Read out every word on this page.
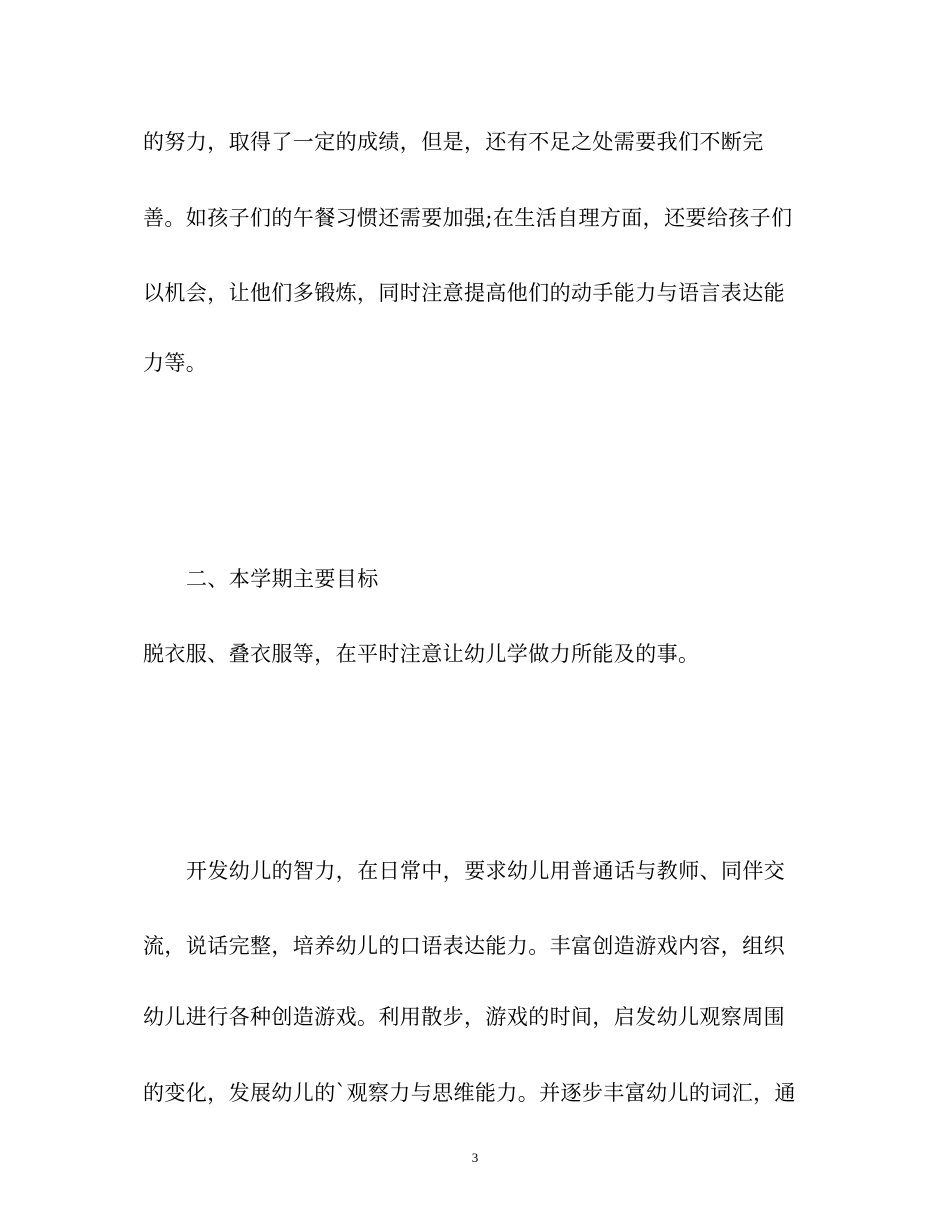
的努力，取得了一定的成绩，但是，还有不足之处需要我们不断完
善。如孩子们的午餐习惯还需要加强;在生活自理方面，还要给孩子们
以机会，让他们多锻炼，同时注意提高他们的动手能力与语言表达能
力等。
二、本学期主要目标
脱衣服、叠衣服等，在平时注意让幼儿学做力所能及的事。
开发幼儿的智力，在日常中，要求幼儿用普通话与教师、同伴交
流，说话完整，培养幼儿的口语表达能力。丰富创造游戏内容，组织
幼儿进行各种创造游戏。利用散步，游戏的时间，启发幼儿观察周围
的变化，发展幼儿的`观察力与思维能力。并逐步丰富幼儿的词汇，通
3
